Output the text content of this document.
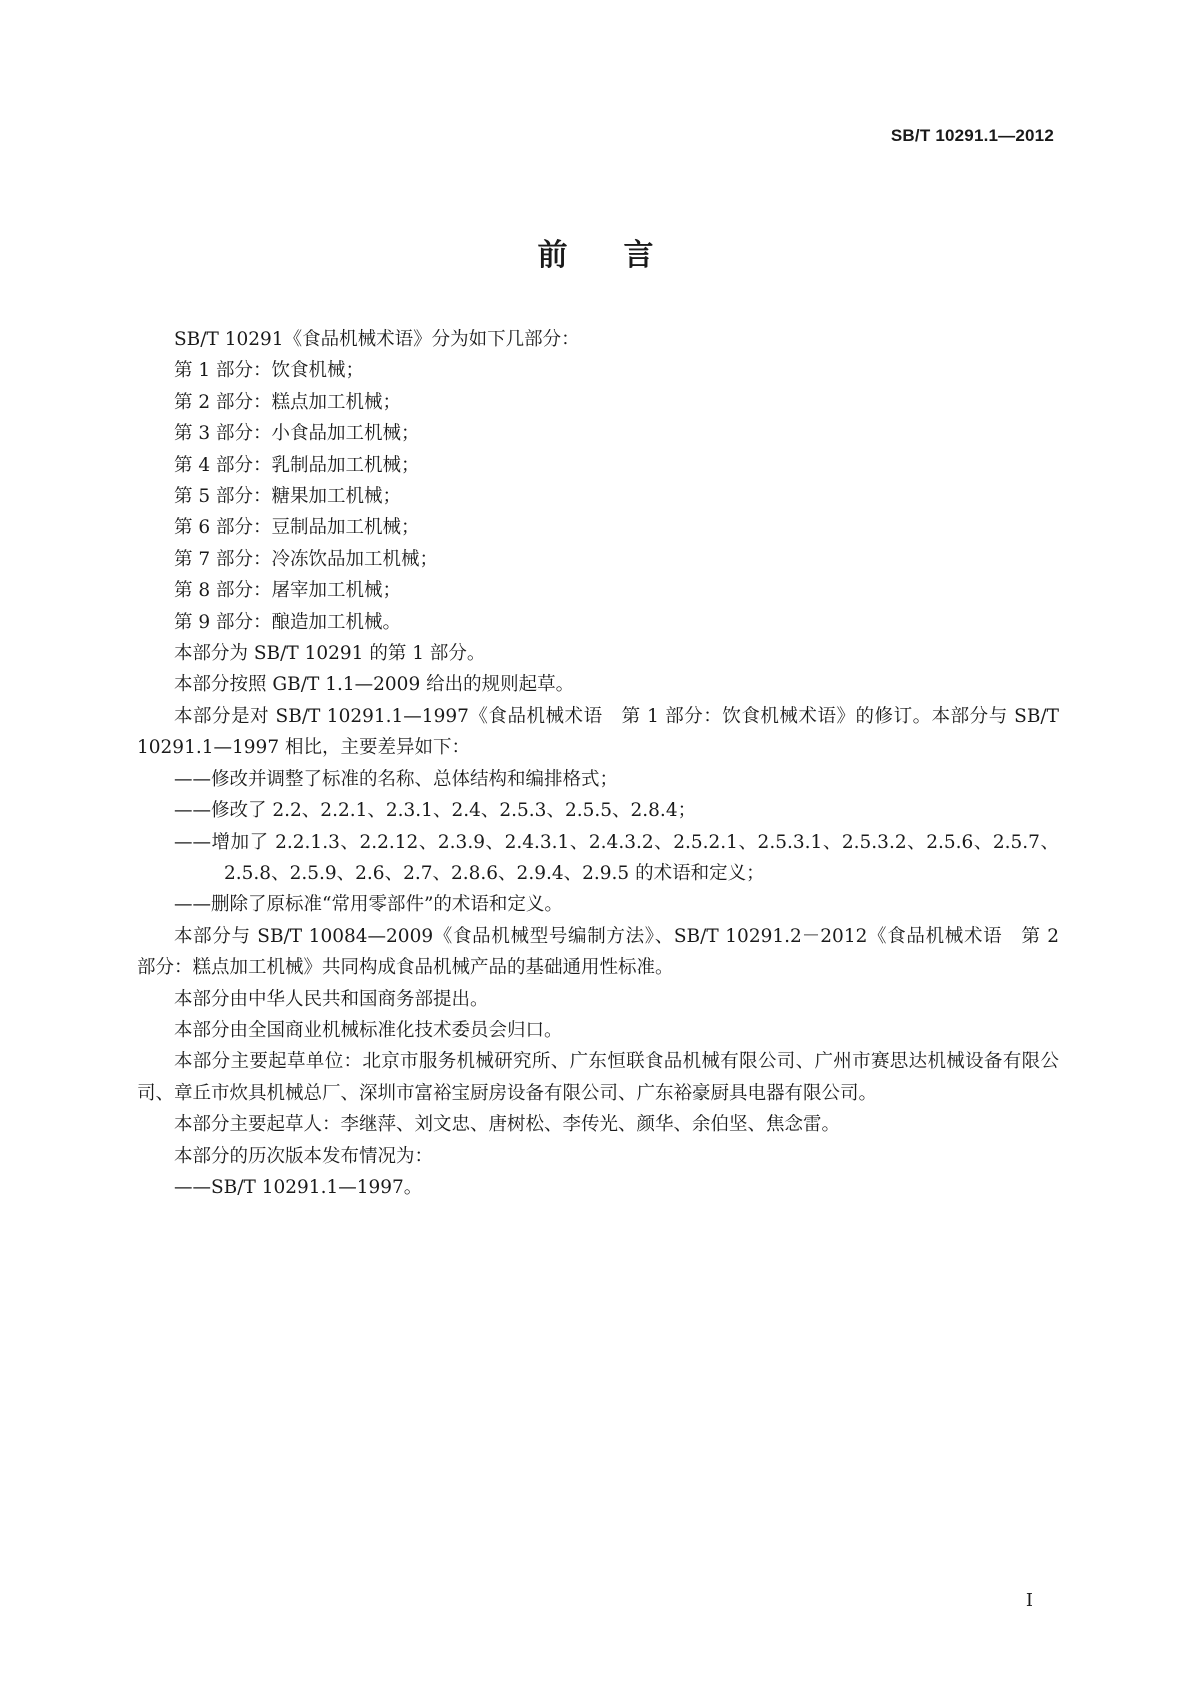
SB/T 10291.1—2012
前言

SB/T 10291《食品机械术语》分为如下几部分：

第 1 部分：饮食机械；

第 2 部分：糕点加工机械；

第 3 部分：小食品加工机械；

第 4 部分：乳制品加工机械；

第 5 部分：糖果加工机械；

第 6 部分：豆制品加工机械；

第 7 部分：冷冻饮品加工机械；

第 8 部分：屠宰加工机械；

第 9 部分：酿造加工机械。

本部分为 SB/T 10291 的第 1 部分。

本部分按照 GB/T 1.1—2009 给出的规则起草。

本部分是对 SB/T 10291.1—1997《食品机械术语　第 1 部分：饮食机械术语》的修订。本部分与 SB/T 10291.1—1997 相比，主要差异如下：

——修改并调整了标准的名称、总体结构和编排格式；

——修改了 2.2、2.2.1、2.3.1、2.4、2.5.3、2.5.5、2.8.4；

——增加了 2.2.1.3、2.2.12、2.3.9、2.4.3.1、2.4.3.2、2.5.2.1、2.5.3.1、2.5.3.2、2.5.6、2.5.7、2.5.8、2.5.9、2.6、2.7、2.8.6、2.9.4、2.9.5 的术语和定义；

——删除了原标准“常用零部件”的术语和定义。

本部分与 SB/T 10084—2009《食品机械型号编制方法》、SB/T 10291.2－2012《食品机械术语　第 2 部分：糕点加工机械》共同构成食品机械产品的基础通用性标准。

本部分由中华人民共和国商务部提出。

本部分由全国商业机械标准化技术委员会归口。

本部分主要起草单位：北京市服务机械研究所、广东恒联食品机械有限公司、广州市赛思达机械设备有限公司、章丘市炊具机械总厂、深圳市富裕宝厨房设备有限公司、广东裕豪厨具电器有限公司。

本部分主要起草人：李继萍、刘文忠、唐树松、李传光、颜华、余伯坚、焦念雷。

本部分的历次版本发布情况为：

——SB/T 10291.1—1997。

I
